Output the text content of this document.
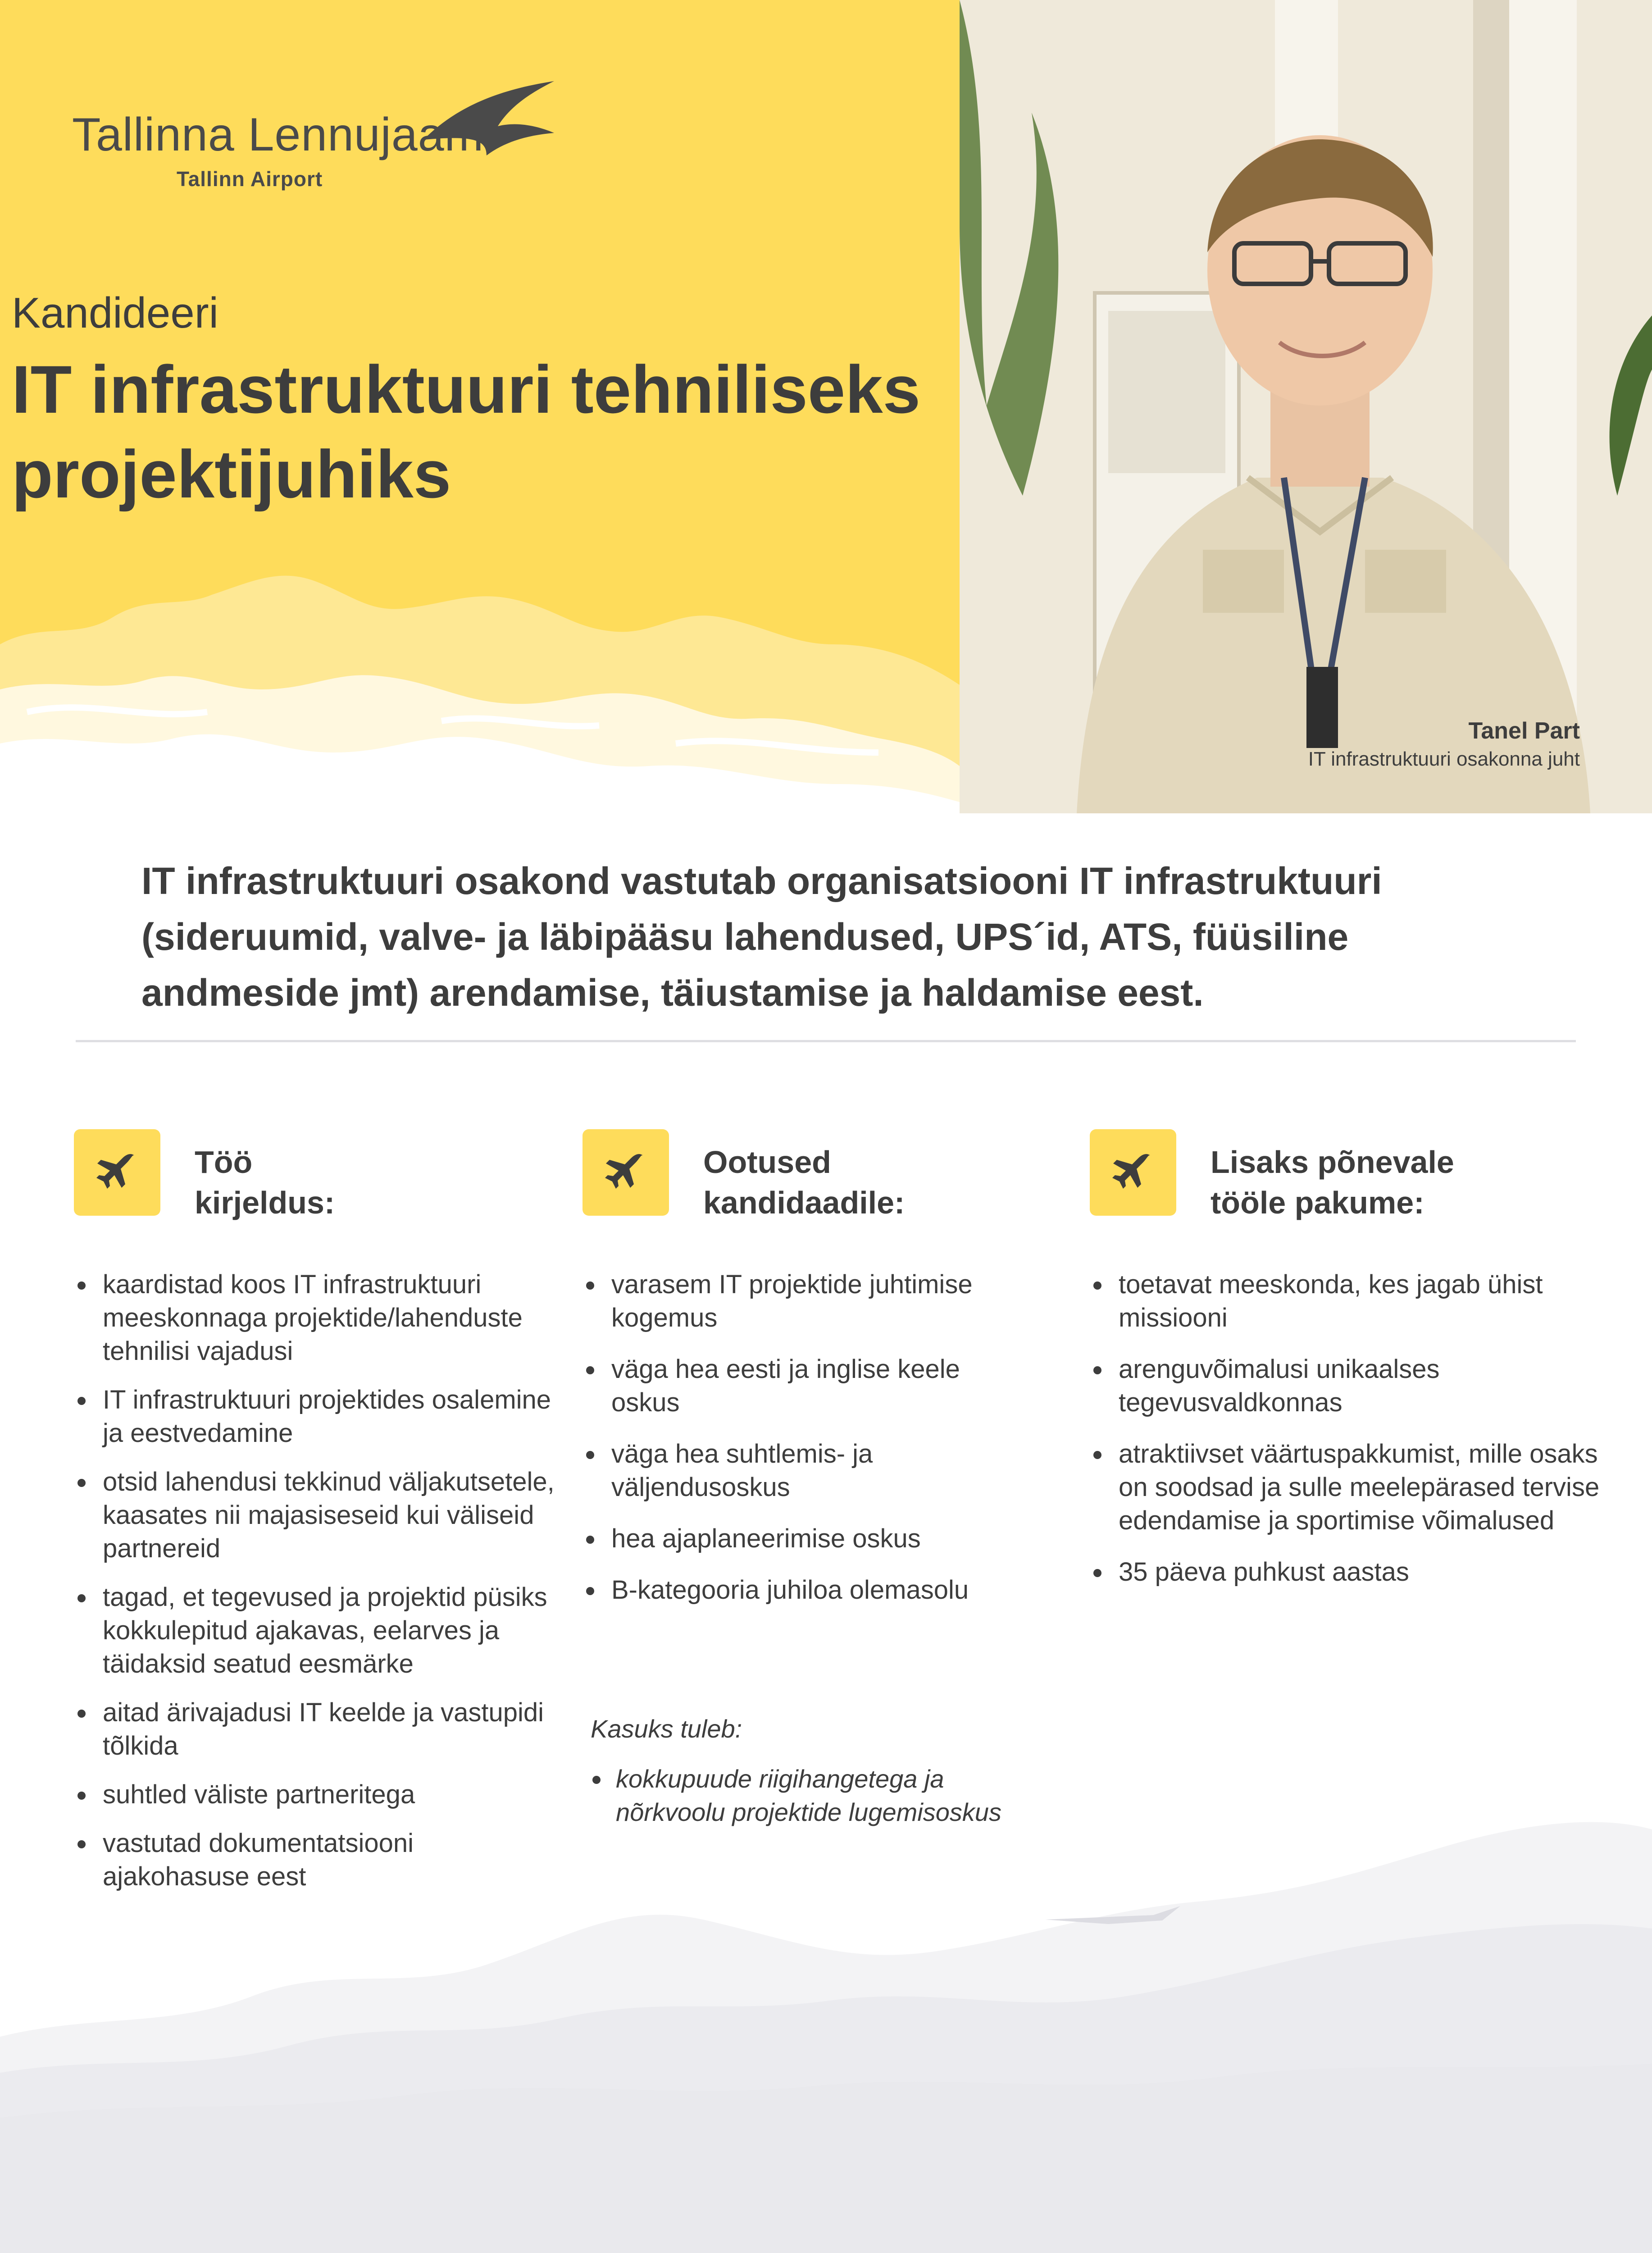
Tallinna Lennujaam
Tallinn Airport
Kandideeri
IT infrastruktuuri tehniliseks projektijuhiks
Tanel Part
IT infrastruktuuri osakonna juht
IT infrastruktuuri osakond vastutab organisatsiooni IT infrastruktuuri (sideruumid, valve- ja läbipääsu lahendused, UPS´id, ATS, füüsiline andmeside jmt) arendamise, täiustamise ja haldamise eest.
Töö
kirjeldus:
kaardistad koos IT infrastruktuuri meeskonnaga projektide/lahenduste tehnilisi vajadusi
IT infrastruktuuri projektides osalemine ja eestvedamine
otsid lahendusi tekkinud väljakutsetele, kaasates nii majasiseseid kui väliseid partnereid
tagad, et tegevused ja projektid püsiks kokkulepitud ajakavas, eelarves ja täidaksid seatud eesmärke
aitad ärivajadusi IT keelde ja vastupidi tõlkida
suhtled väliste partneritega
vastutad dokumentatsiooni ajakohasuse eest
Ootused
kandidaadile:
varasem IT projektide juhtimise kogemus
väga hea eesti ja inglise keele oskus
väga hea suhtlemis- ja väljendusoskus
hea ajaplaneerimise oskus
B-kategooria juhiloa olemasolu
Kasuks tuleb:
kokkupuude riigihangetega ja nõrkvoolu projektide lugemisoskus
Lisaks põnevale
tööle pakume:
toetavat meeskonda, kes jagab ühist missiooni
arenguvõimalusi unikaalses tegevusvaldkonnas
atraktiivset väärtuspakkumist, mille osaks on soodsad ja sulle meelepärased tervise edendamise ja sportimise võimalused
35 päeva puhkust aastas
